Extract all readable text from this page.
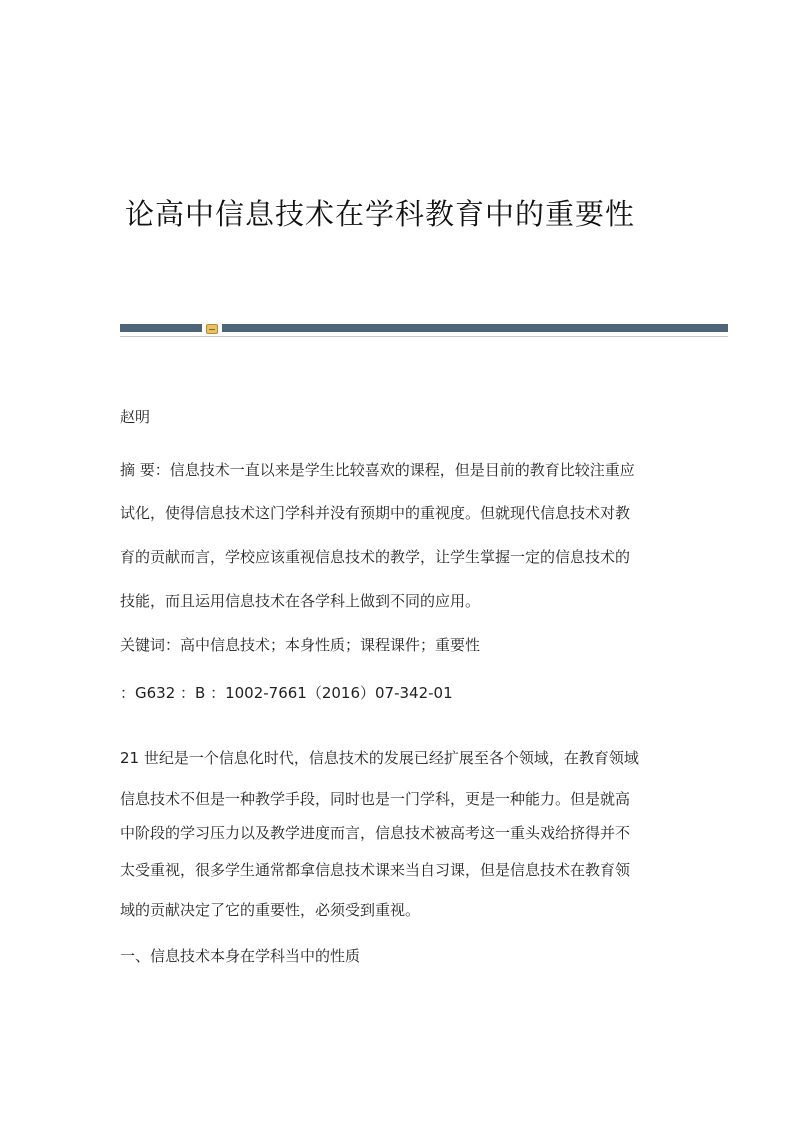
论高中信息技术在学科教育中的重要性
赵明
摘 要：信息技术一直以来是学生比较喜欢的课程，但是目前的教育比较注重应
试化，使得信息技术这门学科并没有预期中的重视度。但就现代信息技术对教
育的贡献而言，学校应该重视信息技术的教学，让学生掌握一定的信息技术的
技能，而且运用信息技术在各学科上做到不同的应用。
关键词：高中信息技术；本身性质；课程课件；重要性
：G632 ：B ：1002-7661（2016）07-342-01
21 世纪是一个信息化时代，信息技术的发展已经扩展至各个领域，在教育领域
信息技术不但是一种教学手段，同时也是一门学科，更是一种能力。但是就高
中阶段的学习压力以及教学进度而言，信息技术被高考这一重头戏给挤得并不
太受重视，很多学生通常都拿信息技术课来当自习课，但是信息技术在教育领
域的贡献决定了它的重要性，必须受到重视。
一、信息技术本身在学科当中的性质
